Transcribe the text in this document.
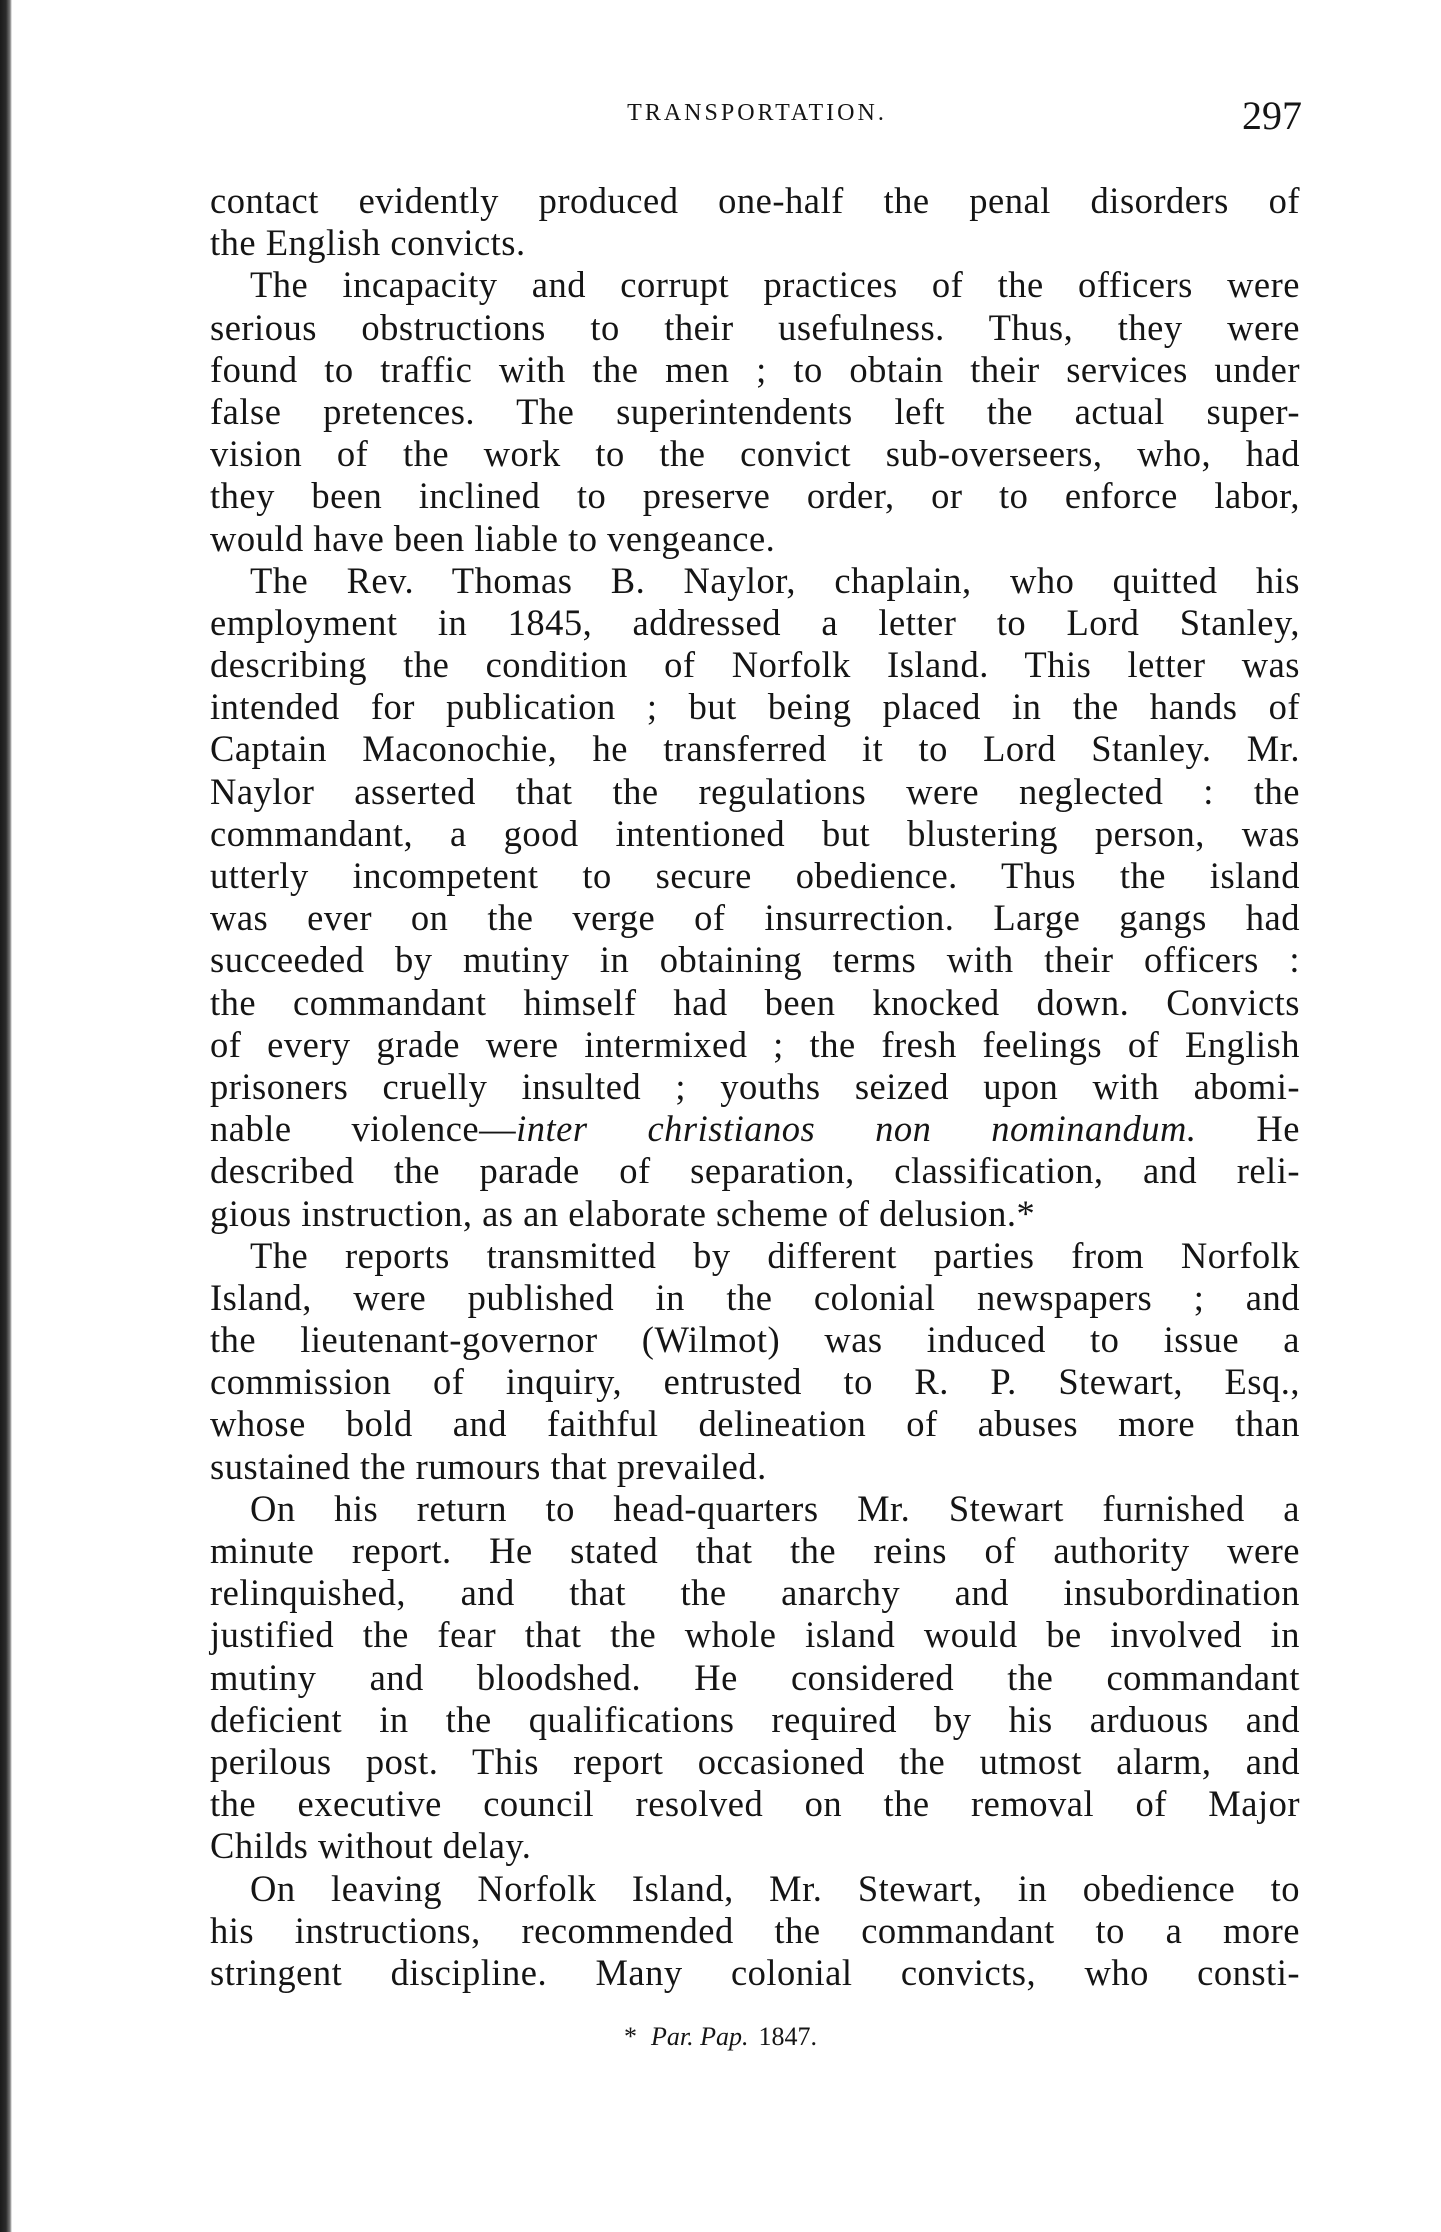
TRANSPORTATION.	297
contact evidently produced one-half the penal disorders of
the English convicts.
The incapacity and corrupt practices of the officers were
serious obstructions to their usefulness. Thus, they were
found to traffic with the men ; to obtain their services under
false pretences. The superintendents left the actual super-
vision of the work to the convict sub-overseers, who, had
they been inclined to preserve order, or to enforce labor,
would have been liable to vengeance.
The Rev. Thomas B. Naylor, chaplain, who quitted his
employment in 1845, addressed a letter to Lord Stanley,
describing the condition of Norfolk Island. This letter was
intended for publication ; but being placed in the hands of
Captain Maconochie, he transferred it to Lord Stanley. Mr.
Naylor asserted that the regulations were neglected : the
commandant, a good intentioned but blustering person, was
utterly incompetent to secure obedience. Thus the island
was ever on the verge of insurrection. Large gangs had
succeeded by mutiny in obtaining terms with their officers :
the commandant himself had been knocked down. Convicts
of every grade were intermixed ; the fresh feelings of English
prisoners cruelly insulted ; youths seized upon with abomi-
nable violence—inter christianos non nominandum. He
described the parade of separation, classification, and reli-
gious instruction, as an elaborate scheme of delusion.*
The reports transmitted by different parties from Norfolk
Island, were published in the colonial newspapers ; and
the lieutenant-governor (Wilmot) was induced to issue a
commission of inquiry, entrusted to R. P. Stewart, Esq.,
whose bold and faithful delineation of abuses more than
sustained the rumours that prevailed.
On his return to head-quarters Mr. Stewart furnished a
minute report. He stated that the reins of authority were
relinquished, and that the anarchy and insubordination
justified the fear that the whole island would be involved in
mutiny and bloodshed. He considered the commandant
deficient in the qualifications required by his arduous and
perilous post. This report occasioned the utmost alarm, and
the executive council resolved on the removal of Major
Childs without delay.
On leaving Norfolk Island, Mr. Stewart, in obedience to
his instructions, recommended the commandant to a more
stringent discipline. Many colonial convicts, who consti-
* Par. Pap. 1847.
